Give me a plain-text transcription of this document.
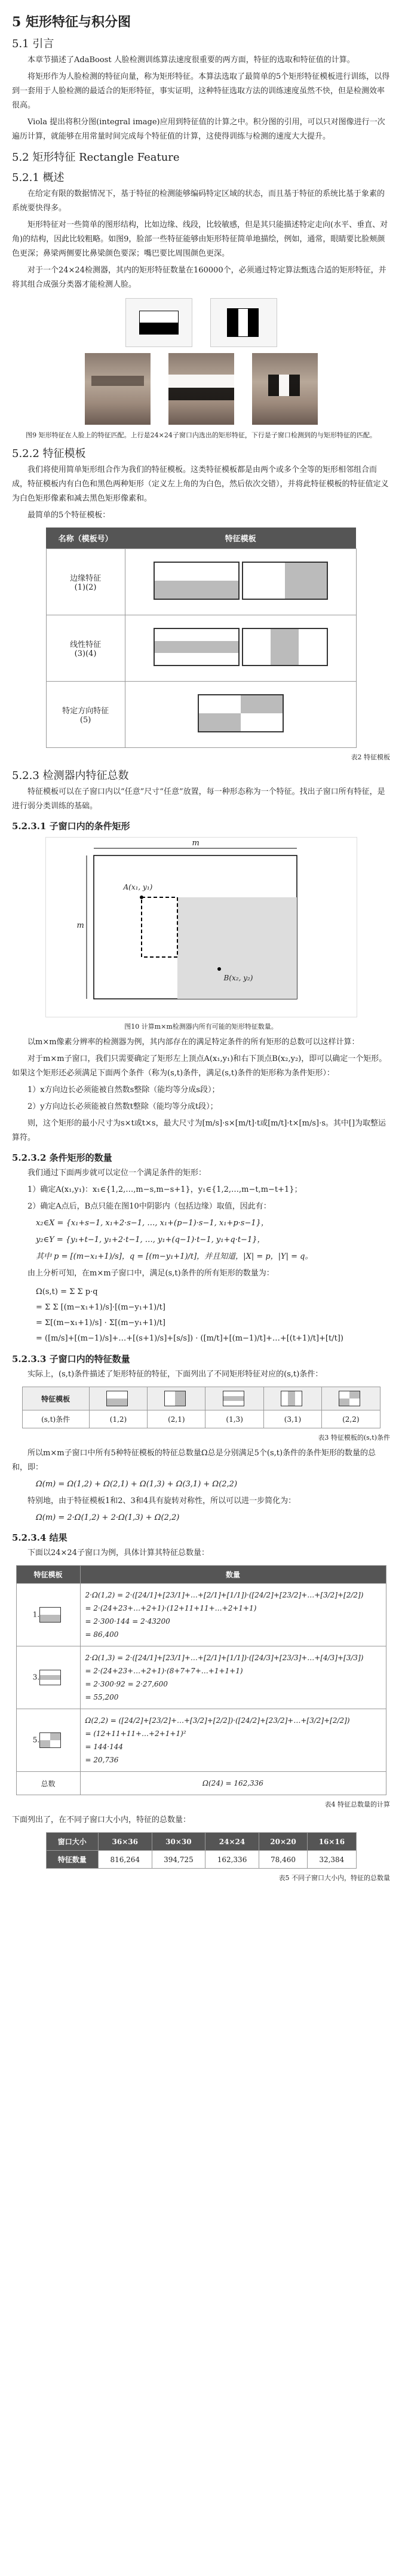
5 矩形特征与积分图
5.1 引言

本章节描述了AdaBoost 人脸检测训练算法速度很重要的两方面，特征的选取和特征值的计算。

将矩形作为人脸检测的特征向量，称为矩形特征。本算法选取了最简单的5个矩形特征模板进行训练，以得到一套用于人脸检测的最适合的矩形特征，事实证明，这种特征选取方法的训练速度虽然不快，但是检测效率很高。

Viola 提出将积分图(integral image)应用到特征值的计算之中。积分图的引用，可以只对图像进行一次遍历计算，就能够在用常量时间完成每个特征值的计算，这使得训练与检测的速度大大提升。

5.2 矩形特征 Rectangle Feature
5.2.1 概述

在给定有限的数据情况下，基于特征的检测能够编码特定区域的状态，而且基于特征的系统比基于象素的系统要快得多。

矩形特征对一些简单的图形结构，比如边缘、线段，比较敏感，但是其只能描述特定走向(水平、垂直、对角)的结构，因此比较粗略。如图9，脸部一些特征能够由矩形特征简单地描绘，例如，通常，眼睛要比脸颊颜色更深；鼻梁两侧要比鼻梁颜色要深；嘴巴要比周围颜色更深。

对于一个24×24检测器，其内的矩形特征数量在160000个，必须通过特定算法甄选合适的矩形特征，并将其组合成强分类器才能检测人脸。

图9 矩形特征在人脸上的特征匹配。上行是24×24子窗口内选出的矩形特征，下行是子窗口检测到的与矩形特征的匹配。
5.2.2 特征模板

我们将使用简单矩形组合作为我们的特征模板。这类特征模板都是由两个或多个全等的矩形相邻组合而成，特征模板内有白色和黑色两种矩形（定义左上角的为白色，然后依次交错），并将此特征模板的特征值定义为白色矩形像素和减去黑色矩形像素和。

最简单的5个特征模板：

名称（模板号）	特征模板

边缘特征
(1)(2)	

线性特征
(3)(4)	

特定方向特征
(5)	

表2 特征模板
5.2.3 检测器内特征总数

特征模板可以在子窗口内以“任意”尺寸“任意”放置，每一种形态称为一个特征。找出子窗口所有特征，是进行弱分类训练的基础。

5.2.3.1 子窗口内的条件矩形
m
m
A(x₁, y₁)
B(x₂, y₂)
图10 计算m×m检测器内所有可能的矩形特征数量。

以m×m像素分辨率的检测器为例，其内部存在的满足特定条件的所有矩形的总数可以这样计算：

对于m×m子窗口，我们只需要确定了矩形左上顶点A(x₁,y₁)和右下顶点B(x₂,y₂)，即可以确定一个矩形。如果这个矩形还必须满足下面两个条件（称为(s,t)条件，满足(s,t)条件的矩形称为条件矩形）：

1）x方向边长必须能被自然数s整除（能均等分成s段）；

2）y方向边长必须能被自然数t整除（能均等分成t段）；

则，这个矩形的最小尺寸为s×t或t×s，最大尺寸为[m/s]·s×[m/t]·t或[m/t]·t×[m/s]·s。其中[]为取整运算符。

5.2.3.2 条件矩形的数量

我们通过下面两步就可以定位一个满足条件的矩形：

1）确定A(x₁,y₁)：x₁∈{1,2,…,m−s,m−s+1}，y₁∈{1,2,…,m−t,m−t+1}；

2）确定A点后，B点只能在图10中阴影内（包括边缘）取值，因此有：

x₂∈X = {x₁+s−1, x₁+2·s−1, …, x₁+(p−1)·s−1, x₁+p·s−1}，
y₂∈Y = {y₁+t−1, y₁+2·t−1, …, y₁+(q−1)·t−1, y₁+q·t−1}，
其中 p = [(m−x₁+1)/s]，q = [(m−y₁+1)/t]，并且知道，|X| = p，|Y| = q。

由上分析可知，在m×m子窗口中，满足(s,t)条件的所有矩形的数量为：

Ω(s,t) = Σ Σ p·q
= Σ Σ [(m−x₁+1)/s]·[(m−y₁+1)/t]
= Σ[(m−x₁+1)/s] · Σ[(m−y₁+1)/t]
= ([m/s]+[(m−1)/s]+…+[(s+1)/s]+[s/s]) · ([m/t]+[(m−1)/t]+…+[(t+1)/t]+[t/t])
5.2.3.3 子窗口内的特征数量

实际上，(s,t)条件描述了矩形特征的特征，下面列出了不同矩形特征对应的(s,t)条件：

特征模板	

(s,t)条件	(1,2)	(2,1)	(1,3)	(3,1)	(2,2)
表3 特征模板的(s,t)条件

所以m×m子窗口中所有5种特征模板的特征总数量Ω总是分别满足5个(s,t)条件的条件矩形的数量的总和，即：

Ω(m) = Ω(1,2) + Ω(2,1) + Ω(1,3) + Ω(3,1) + Ω(2,2)

特别地，由于特征模板1和2、3和4具有旋转对称性，所以可以进一步简化为：

Ω(m) = 2·Ω(1,2) + 2·Ω(1,3) + Ω(2,2)
5.2.3.4 结果

下面以24×24子窗口为例，具体计算其特征总数量：

特征模板	数量
1.	2·Ω(1,2) = 2·([24/1]+[23/1]+…+[2/1]+[1/1])·([24/2]+[23/2]+…+[3/2]+[2/2])
= 2·(24+23+…+2+1)·(12+11+11+…+2+1+1)
= 2·300·144 = 2·43200
= 86,400

3.	2·Ω(1,3) = 2·([24/1]+[23/1]+…+[2/1]+[1/1])·([24/3]+[23/3]+…+[4/3]+[3/3])
= 2·(24+23+…+2+1)·(8+7+7+…+1+1+1)
= 2·300·92 = 2·27,600
= 55,200

5.	Ω(2,2) = ([24/2]+[23/2]+…+[3/2]+[2/2])·([24/2]+[23/2]+…+[3/2]+[2/2])
= (12+11+11+…+2+1+1)²
= 144·144
= 20,736

总数	Ω(24) = 162,336
表4 特征总数量的计算

下面列出了，在不同子窗口大小内，特征的总数量：

窗口大小	36×36	30×30	24×24	20×20	16×16
特征数量	816,264	394,725	162,336	78,460	32,384
表5 不同子窗口大小内，特征的总数量
